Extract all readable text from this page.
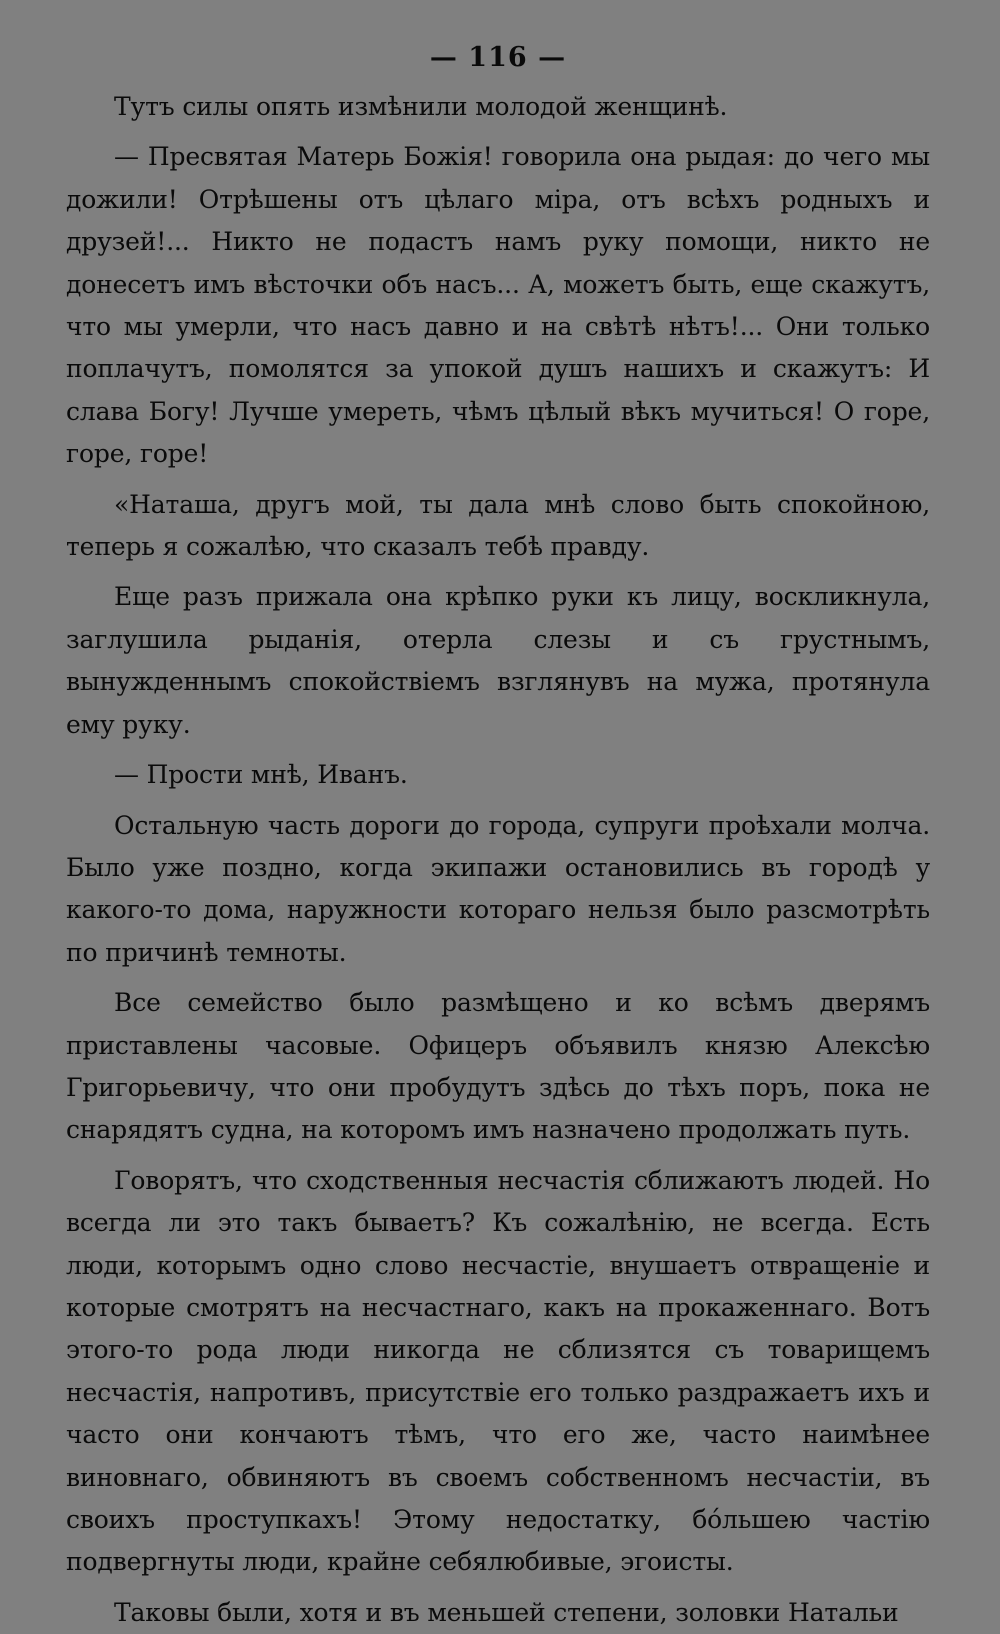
— 116 —

Тутъ силы опять измѣнили молодой женщинѣ.

— Пресвятая Матерь Божія! говорила она рыдая: до чего мы дожили! Отрѣшены отъ цѣлаго міра, отъ всѣхъ родныхъ и друзей!... Никто не подастъ намъ руку помощи, никто не донесетъ имъ вѣсточки объ насъ... А, можетъ быть, еще скажутъ, что мы умерли, что насъ давно и на свѣтѣ нѣтъ!... Они только поплачутъ, помолятся за упокой душъ нашихъ и скажутъ: И слава Богу! Лучше умереть, чѣмъ цѣлый вѣкъ мучиться! О горе, горе, горе!

«Наташа, другъ мой, ты дала мнѣ слово быть спокойною, теперь я сожалѣю, что сказалъ тебѣ правду.

Еще разъ прижала она крѣпко руки къ лицу, воскликнула, заглушила рыданія, отерла слезы и съ грустнымъ, вынужденнымъ спокойствіемъ взглянувъ на мужа, протянула ему руку.

— Прости мнѣ, Иванъ.

Остальную часть дороги до города, супруги проѣхали молча. Было уже поздно, когда экипажи остановились въ городѣ у какого-то дома, наружности котораго нельзя было разсмотрѣть по причинѣ темноты.

Все семейство было размѣщено и ко всѣмъ дверямъ приставлены часовые. Офицеръ объявилъ князю Алексѣю Григорьевичу, что они пробудутъ здѣсь до тѣхъ поръ, пока не снарядятъ судна, на которомъ имъ назначено продолжать путь.

Говорятъ, что сходственныя несчастія сближаютъ людей. Но всегда ли это такъ бываетъ? Къ сожалѣнію, не всегда. Есть люди, которымъ одно слово несчастіе, внушаетъ отвращеніе и которые смотрятъ на несчастнаго, какъ на прокаженнаго. Вотъ этого-то рода люди никогда не сблизятся съ товарищемъ несчастія, напротивъ, присутствіе его только раздражаетъ ихъ и часто они кончаютъ тѣмъ, что его же, часто наимѣнее виновнаго, обвиняютъ въ своемъ собственномъ несчастіи, въ своихъ проступкахъ! Этому недостатку, бо́льшею частію подвергнуты люди, крайне себялюбивые, эгоисты.

Таковы были, хотя и въ меньшей степени, золовки Натальи
